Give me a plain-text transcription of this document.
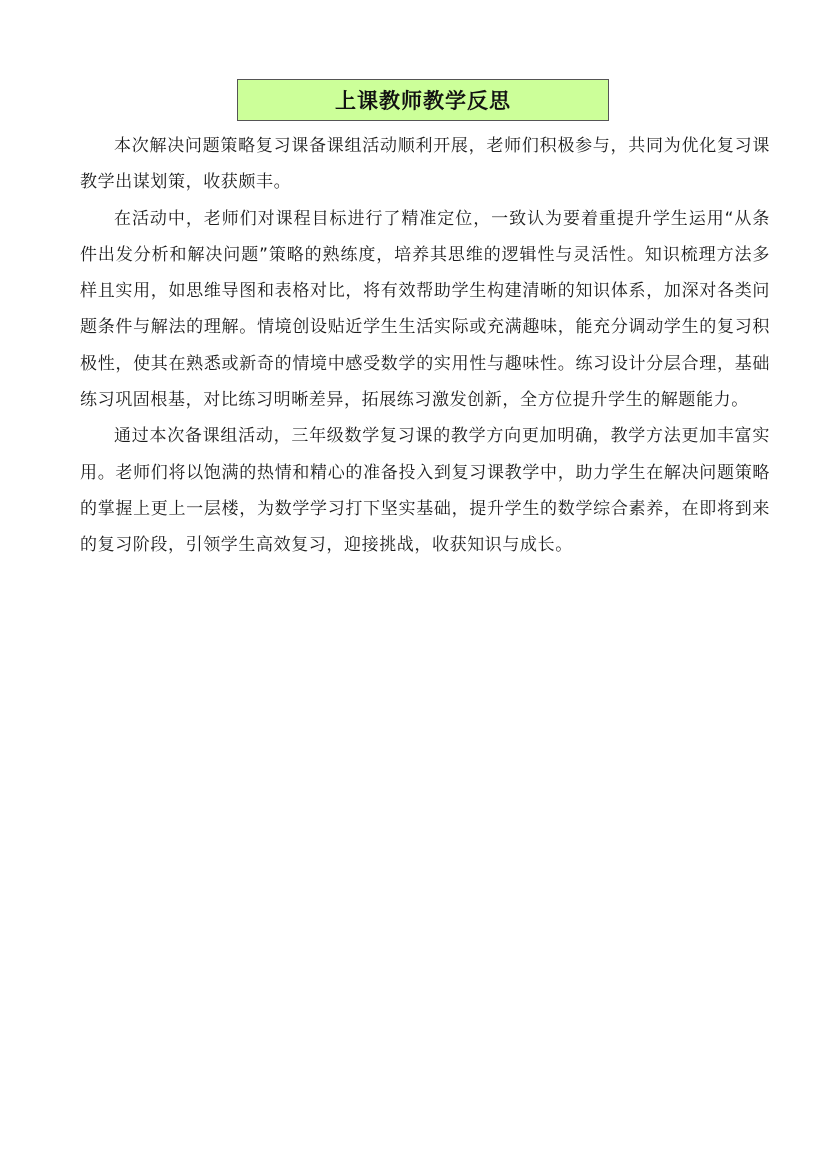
上课教师教学反思

本次解决问题策略复习课备课组活动顺利开展，老师们积极参与，共同为优化复习课教学出谋划策，收获颇丰。

在活动中，老师们对课程目标进行了精准定位，一致认为要着重提升学生运用“从条件出发分析和解决问题”策略的熟练度，培养其思维的逻辑性与灵活性。知识梳理方法多样且实用，如思维导图和表格对比，将有效帮助学生构建清晰的知识体系，加深对各类问题条件与解法的理解。情境创设贴近学生生活实际或充满趣味，能充分调动学生的复习积极性，使其在熟悉或新奇的情境中感受数学的实用性与趣味性。练习设计分层合理，基础练习巩固根基，对比练习明晰差异，拓展练习激发创新，全方位提升学生的解题能力。

通过本次备课组活动，三年级数学复习课的教学方向更加明确，教学方法更加丰富实用。老师们将以饱满的热情和精心的准备投入到复习课教学中，助力学生在解决问题策略的掌握上更上一层楼，为数学学习打下坚实基础，提升学生的数学综合素养，在即将到来的复习阶段，引领学生高效复习，迎接挑战，收获知识与成长。
